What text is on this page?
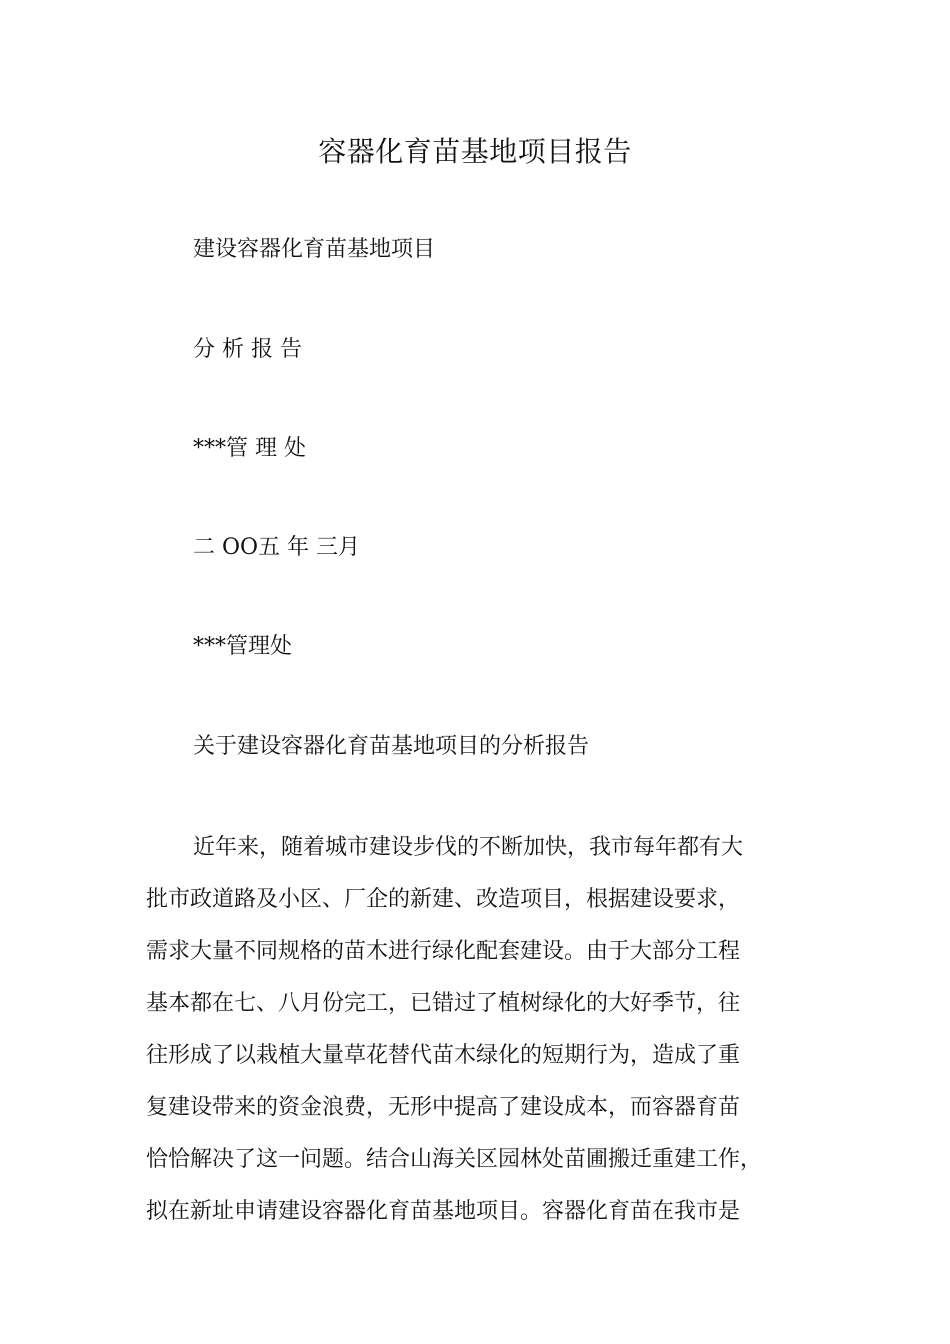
容器化育苗基地项目报告

建设容器化育苗基地项目

分 析 报 告

***管 理 处

二 OO五 年 三月

***管理处

关于建设容器化育苗基地项目的分析报告

近年来，随着城市建设步伐的不断加快，我市每年都有大
批市政道路及小区、厂企的新建、改造项目，根据建设要求，
需求大量不同规格的苗木进行绿化配套建设。由于大部分工程
基本都在七、八月份完工，已错过了植树绿化的大好季节，往
往形成了以栽植大量草花替代苗木绿化的短期行为，造成了重
复建设带来的资金浪费，无形中提高了建设成本，而容器育苗
恰恰解决了这一问题。结合山海关区园林处苗圃搬迁重建工作，
拟在新址申请建设容器化育苗基地项目。容器化育苗在我市是
